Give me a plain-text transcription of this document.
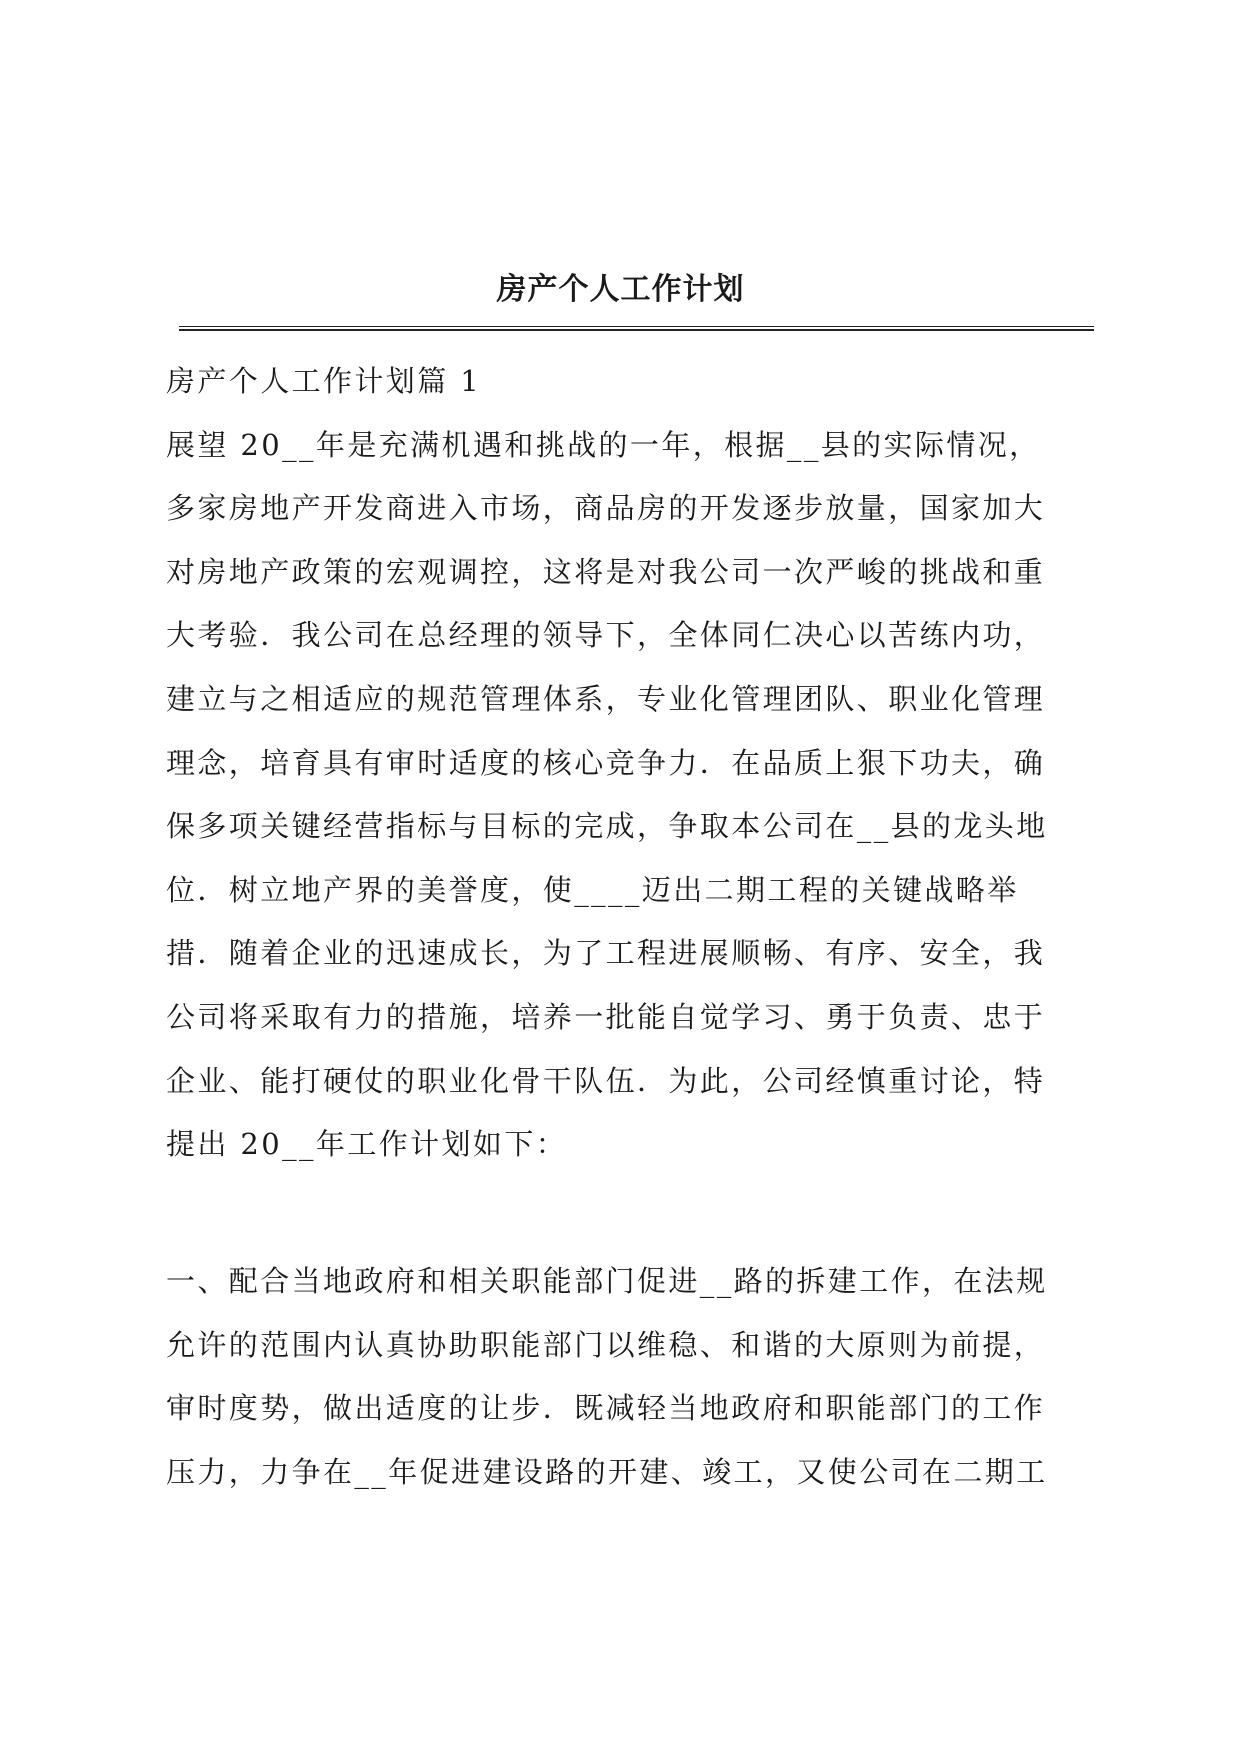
房产个人工作计划
房产个人工作计划篇 1
展望 20__年是充满机遇和挑战的一年，根据__县的实际情况，
多家房地产开发商进入市场，商品房的开发逐步放量，国家加大
对房地产政策的宏观调控，这将是对我公司一次严峻的挑战和重
大考验．我公司在总经理的领导下，全体同仁决心以苦练内功，
建立与之相适应的规范管理体系，专业化管理团队、职业化管理
理念，培育具有审时适度的核心竞争力．在品质上狠下功夫，确
保多项关键经营指标与目标的完成，争取本公司在__县的龙头地
位．树立地产界的美誉度，使____迈出二期工程的关键战略举
措．随着企业的迅速成长，为了工程进展顺畅、有序、安全，我
公司将采取有力的措施，培养一批能自觉学习、勇于负责、忠于
企业、能打硬仗的职业化骨干队伍．为此，公司经慎重讨论，特
提出 20__年工作计划如下：
一、配合当地政府和相关职能部门促进__路的拆建工作，在法规
允许的范围内认真协助职能部门以维稳、和谐的大原则为前提，
审时度势，做出适度的让步．既减轻当地政府和职能部门的工作
压力，力争在__年促进建设路的开建、竣工，又使公司在二期工
